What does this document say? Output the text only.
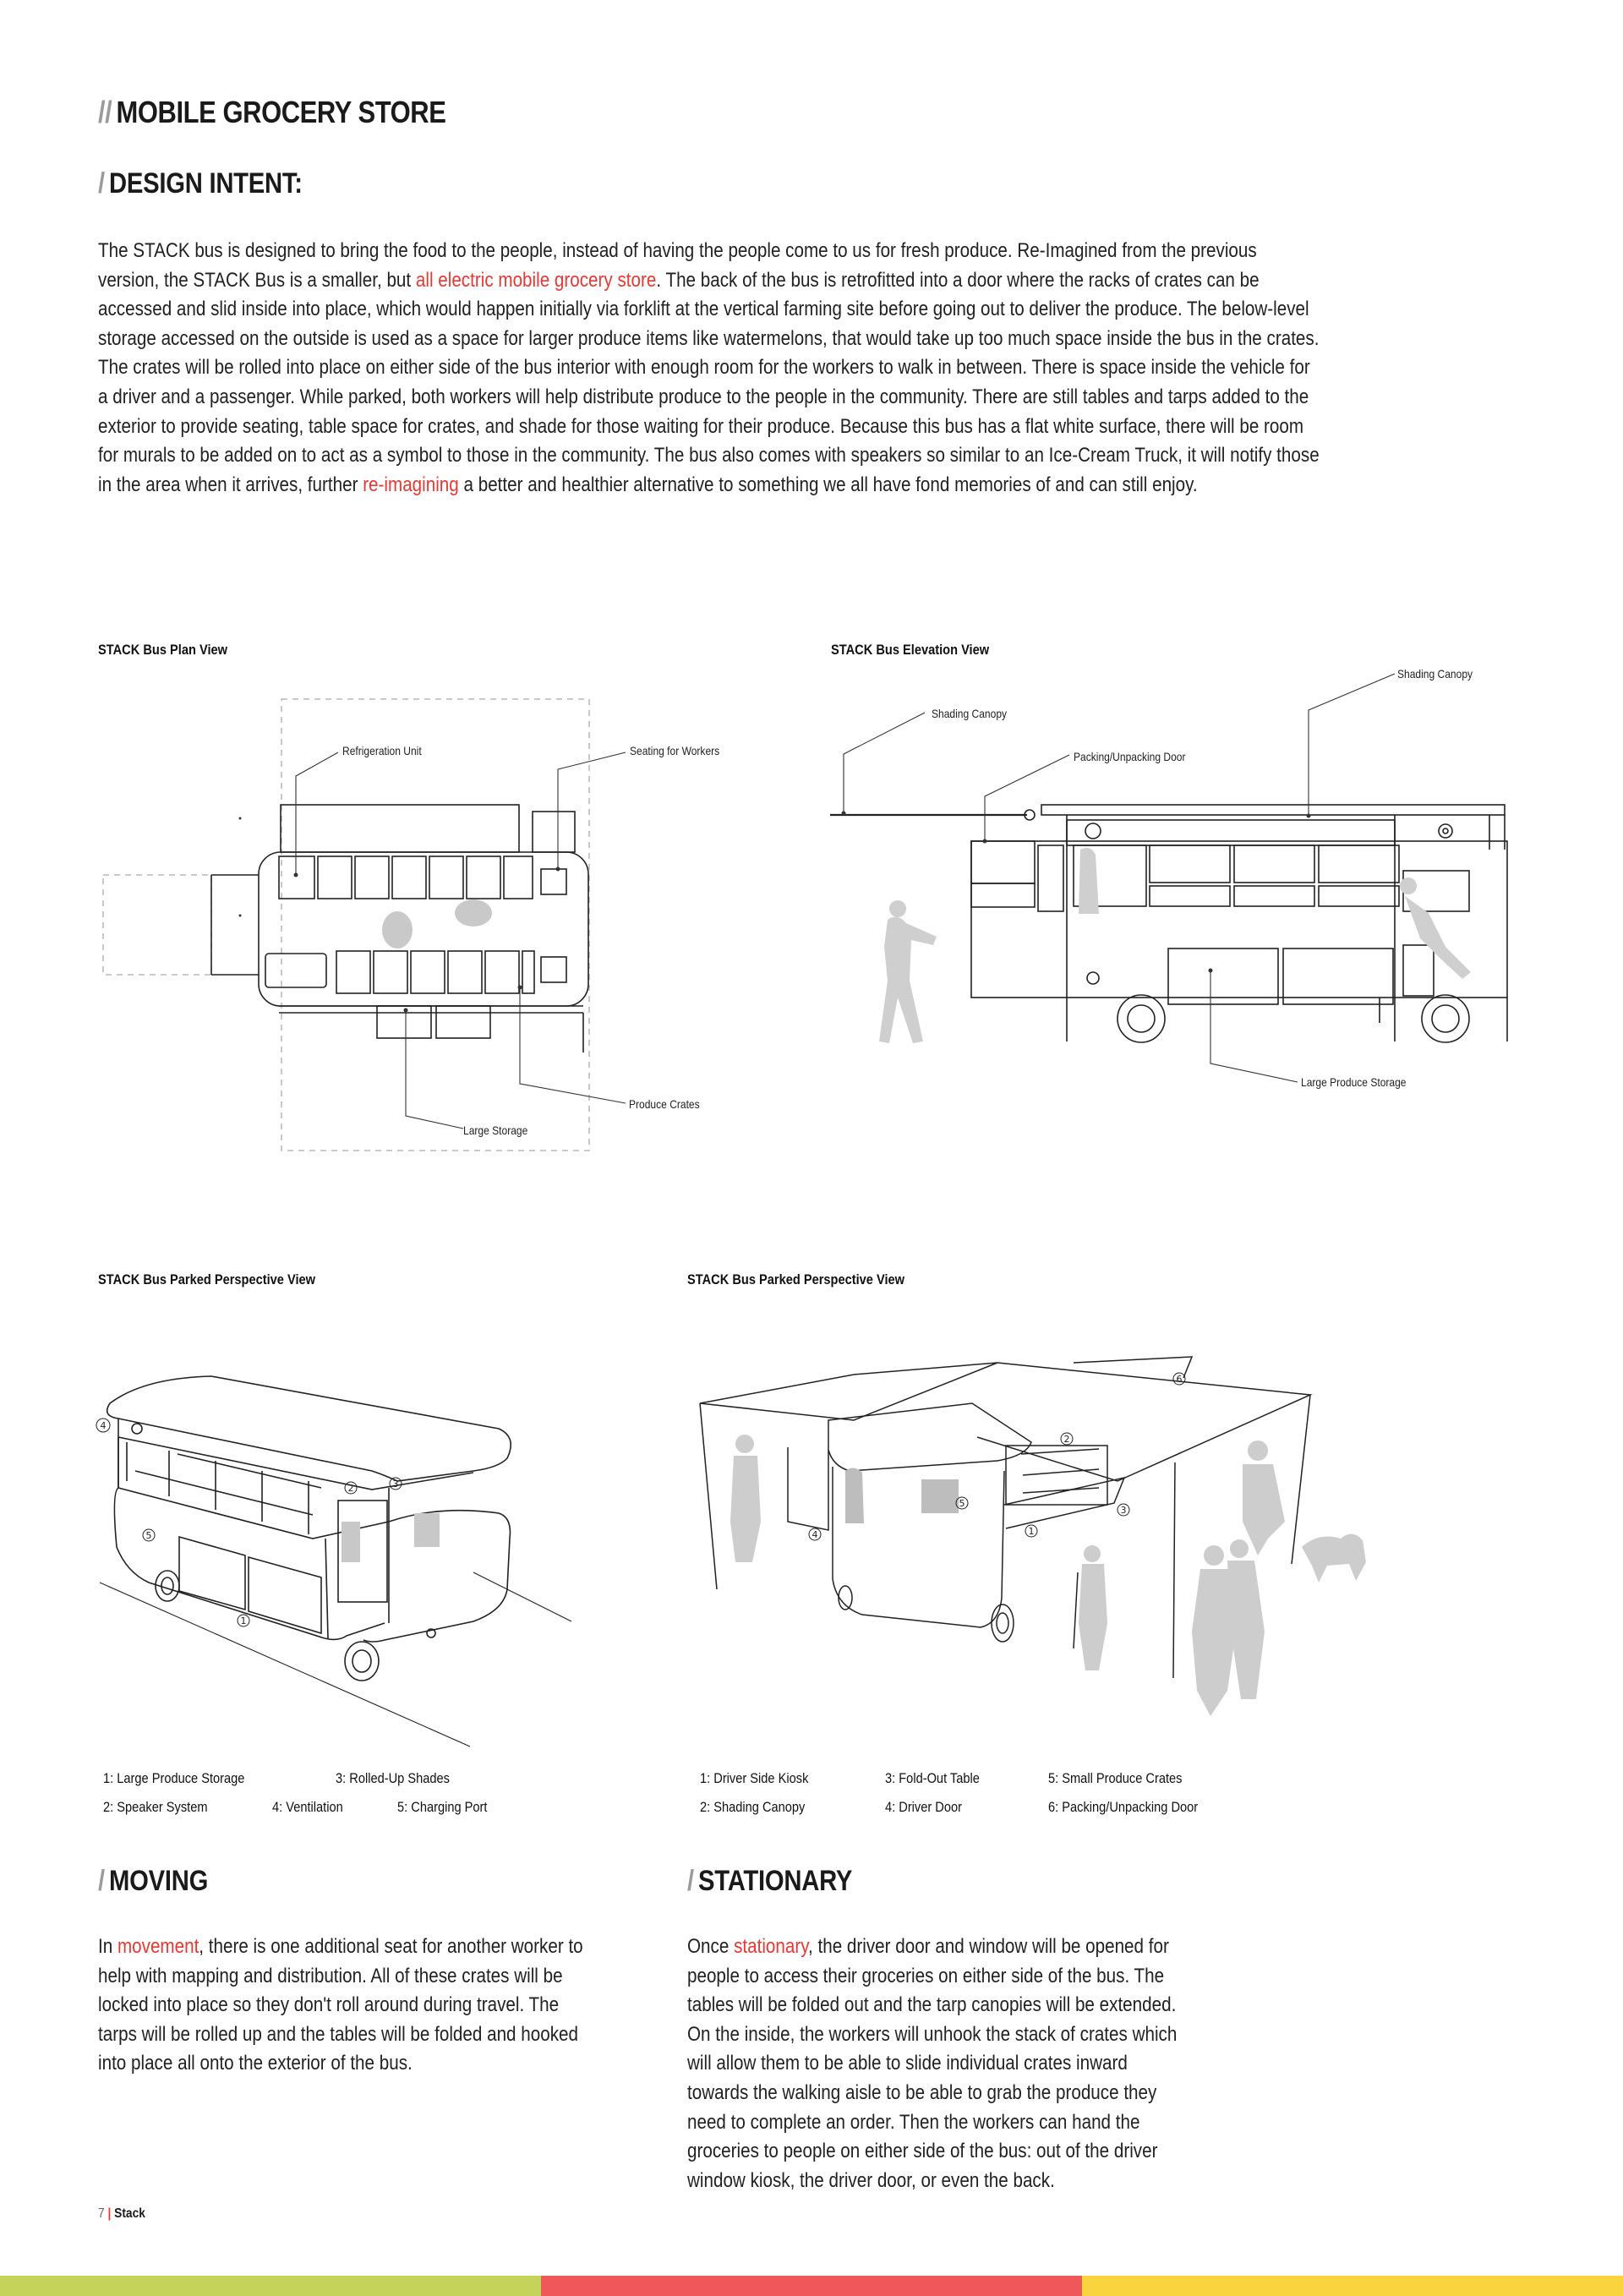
// MOBILE GROCERY STORE
/ DESIGN INTENT:
The STACK bus is designed to bring the food to the people, instead of having the people come to us for fresh produce. Re-Imagined from the previous version, the STACK Bus is a smaller, but all electric mobile grocery store. The back of the bus is retrofitted into a door where the racks of crates can be accessed and slid inside into place, which would happen initially via forklift at the vertical farming site before going out to deliver the produce. The below-level storage accessed on the outside is used as a space for larger produce items like watermelons, that would take up too much space inside the bus in the crates. The crates will be rolled into place on either side of the bus interior with enough room for the workers to walk in between. There is space inside the vehicle for a driver and a passenger. While parked, both workers will help distribute produce to the people in the community. There are still tables and tarps added to the exterior to provide seating, table space for crates, and shade for those waiting for their produce. Because this bus has a flat white surface, there will be room for murals to be added on to act as a symbol to those in the community. The bus also comes with speakers so similar to an Ice-Cream Truck, it will notify those in the area when it arrives, further re-imagining a better and healthier alternative to something we all have fond memories of and can still enjoy.
STACK Bus Plan View
Refrigeration Unit	Seating for Workers
Produce Crates
Large Storage
STACK Bus Elevation View
Shading Canopy
Shading Canopy
Packing/Unpacking Door
Large Produce Storage
STACK Bus Parked Perspective View
4
5
1
2	3
1: Large Produce Storage	3: Rolled-Up Shades
2: Speaker System	4: Ventilation	5: Charging Port
STACK Bus Parked Perspective View
6
2
5
3
4	1
1: Driver Side Kiosk	3: Fold-Out Table	5: Small Produce Crates
2: Shading Canopy	4: Driver Door	6: Packing/Unpacking Door
/ MOVING
In movement, there is one additional seat for another worker to help with mapping and distribution. All of these crates will be locked into place so they don't roll around during travel. The tarps will be rolled up and the tables will be folded and hooked into place all onto the exterior of the bus.
/ STATIONARY
Once stationary, the driver door and window will be opened for people to access their groceries on either side of the bus. The tables will be folded out and the tarp canopies will be extended. On the inside, the workers will unhook the stack of crates which will allow them to be able to slide individual crates inward towards the walking aisle to be able to grab the produce they need to complete an order. Then the workers can hand the groceries to people on either side of the bus: out of the driver window kiosk, the driver door, or even the back.
7 | Stack
